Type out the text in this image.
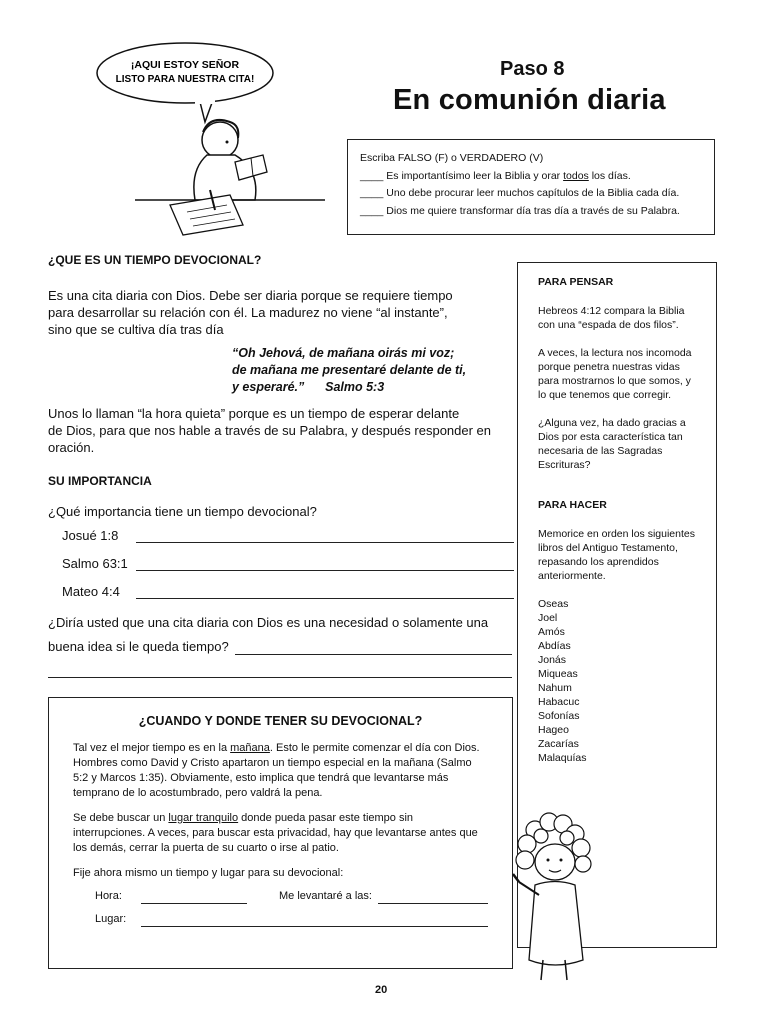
¡AQUI ESTOY SEÑOR
LISTO PARA NUESTRA CITA!	Paso 8
En comunión diaria
Escriba FALSO (F) o VERDADERO (V)
____ Es importantísimo leer la Biblia y orar todos los días.
____ Uno debe procurar leer muchos capítulos de la Biblia cada día.
____ Dios me quiere transformar día tras día a través de su Palabra.
¿QUE ES UN TIEMPO DEVOCIONAL?
Es una cita diaria con Dios. Debe ser diaria porque se requiere tiempo
para desarrollar su relación con él. La madurez no viene “al instante”,
sino que se cultiva día tras día
“Oh Jehová, de mañana oirás mi voz;
de mañana me presentaré delante de ti,
y esperaré.”      Salmo 5:3
Unos lo llaman “la hora quieta” porque es un tiempo de esperar delante
de Dios, para que nos hable a través de su Palabra, y después responder en
oración.
SU IMPORTANCIA
¿Qué importancia tiene un tiempo devocional?
Josué 1:8
Salmo 63:1
Mateo 4:4
¿Diría usted que una cita diaria con Dios es una necesidad o solamente una
buena idea si le queda tiempo?
¿CUANDO Y DONDE TENER SU DEVOCIONAL?

Tal vez el mejor tiempo es en la mañana. Esto le permite comenzar el día con Dios. Hombres como David y Cristo apartaron un tiempo especial en la mañana (Salmo 5:2 y Marcos 1:35). Obviamente, esto implica que tendrá que levantarse más temprano de lo acostumbrado, pero valdrá la pena.

Se debe buscar un lugar tranquilo donde pueda pasar este tiempo sin interrupciones. A veces, para buscar esta privacidad, hay que levantarse antes que los demás, cerrar la puerta de su cuarto o irse al patio.

Fije ahora mismo un tiempo y lugar para su devocional:

Hora:	Me levantaré a las:
Lugar:
PARA PENSAR

Hebreos 4:12 compara la Biblia con una “espada de dos filos”.

A veces, la lectura nos incomoda porque penetra nuestras vidas para mostrarnos lo que somos, y lo que tenemos que corregir.

¿Alguna vez, ha dado gracias a Dios por esta característica tan necesaria de las Sagradas Escrituras?

PARA HACER

Memorice en orden los siguientes libros del Antiguo Testamento, repasando los aprendidos anteriormente.

Oseas
Joel
Amós
Abdías
Jonás
Miqueas
Nahum
Habacuc
Sofonías
Hageo
Zacarías
Malaquías
20
